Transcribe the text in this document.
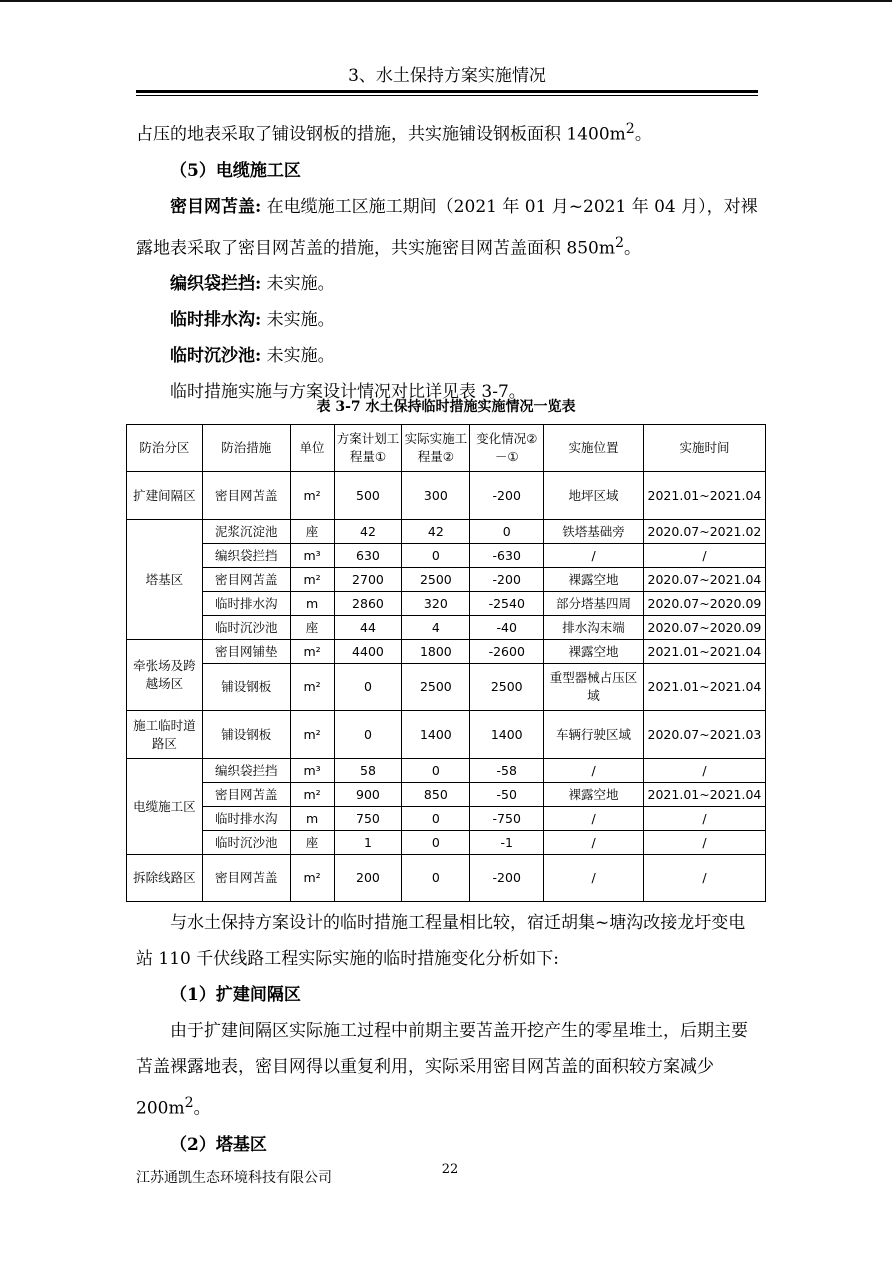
3、水土保持方案实施情况
占压的地表采取了铺设钢板的措施，共实施铺设钢板面积 $1400m^2$。
（5）电缆施工区
密目网苫盖: 在电缆施工区施工期间（2021 年 01 月~2021 年 04 月），对裸露地表采取了密目网苫盖的措施，共实施密目网苫盖面积 $850m^2$。
编织袋拦挡: 未实施。
临时排水沟: 未实施。
临时沉沙池: 未实施。
临时措施实施与方案设计情况对比详见表 3-7。
表 3-7 水土保持临时措施实施情况一览表
防治分区	防治措施	单位	方案计划工程量①	实际实施工程量②	变化情况②－①	实施位置	实施时间
扩建间隔区	密目网苫盖	m²	500	300	-200	地坪区域	2021.01~2021.04
塔基区	泥浆沉淀池	座	42	42	0	铁塔基础旁	2020.07~2021.02
	编织袋拦挡	m³	630	0	-630	/	/
	密目网苫盖	m²	2700	2500	-200	裸露空地	2020.07~2021.04
	临时排水沟	m	2860	320	-2540	部分塔基四周	2020.07~2020.09
	临时沉沙池	座	44	4	-40	排水沟末端	2020.07~2020.09
牵张场及跨越场区	密目网铺垫	m²	4400	1800	-2600	裸露空地	2021.01~2021.04
	铺设钢板	m²	0	2500	2500	重型器械占压区域	2021.01~2021.04
施工临时道路区	铺设钢板	m²	0	1400	1400	车辆行驶区域	2020.07~2021.03
电缆施工区	编织袋拦挡	m³	58	0	-58	/	/
	密目网苫盖	m²	900	850	-50	裸露空地	2021.01~2021.04
	临时排水沟	m	750	0	-750	/	/
	临时沉沙池	座	1	0	-1	/	/
拆除线路区	密目网苫盖	m²	200	0	-200	/	/
与水土保持方案设计的临时措施工程量相比较，宿迁胡集~塘沟改接龙圩变电站 110 千伏线路工程实际实施的临时措施变化分析如下:
（1）扩建间隔区
由于扩建间隔区实际施工过程中前期主要苫盖开挖产生的零星堆土，后期主要苫盖裸露地表，密目网得以重复利用，实际采用密目网苫盖的面积较方案减少 $200m^2$。
（2）塔基区
22
江苏通凯生态环境科技有限公司
